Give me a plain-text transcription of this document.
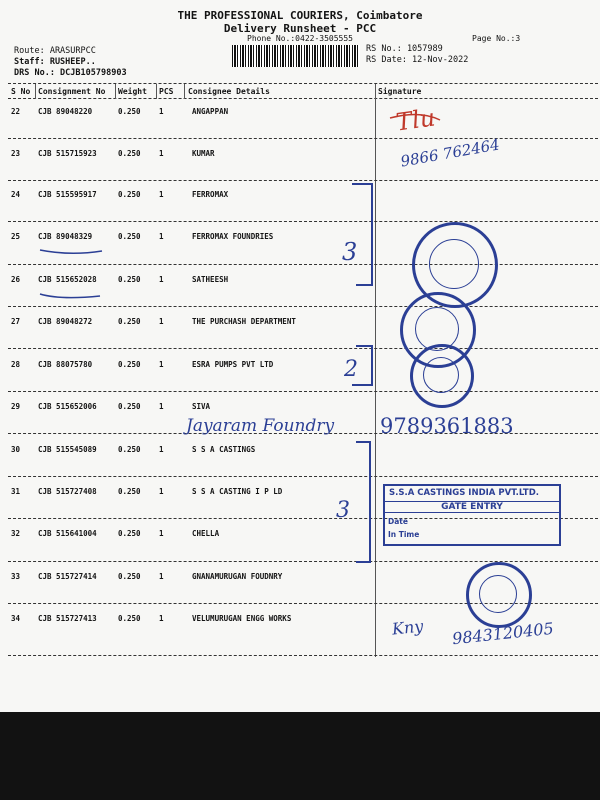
THE PROFESSIONAL COURIERS, Coimbatore
Delivery Runsheet - PCC
Phone No.:0422-3505555	Page No.:3
Route: ARASURPCC
Staff: RUSHEEP..
DRS No.: DCJB105798903
RS No.: 1057989
RS Date: 12-Nov-2022
S No Consignment No Weight PCS Consignee Details	Signature
22 CJB 89048220	0.250 1	ANGAPPAN
23 CJB 515715923	0.250 1	KUMAR
24 CJB 515595917	0.250 1	FERROMAX
25 CJB 89048329	0.250 1	FERROMAX FOUNDRIES
26 CJB 515652028	0.250 1	SATHEESH
27 CJB 89048272	0.250 1	THE PURCHASH DEPARTMENT
28 CJB 88075780	0.250 1	ESRA PUMPS PVT LTD
29 CJB 515652006	0.250 1	SIVA
30 CJB 515545089	0.250 1	S S A CASTINGS
31 CJB 515727408	0.250 1	S S A CASTING I P LD
32 CJB 515641004	0.250 1	CHELLA
33 CJB 515727414	0.250 1	GNANAMURUGAN FOUDNRY
34 CJB 515727413	0.250 1	VELUMURUGAN ENGG WORKS
Tlu
9866 762464
3
2
Jayaram Foundry 9789361883
3
Kny 9843120405
S.S.A CASTINGS INDIA PVT.LTD.
GATE ENTRY
Date
In Time
